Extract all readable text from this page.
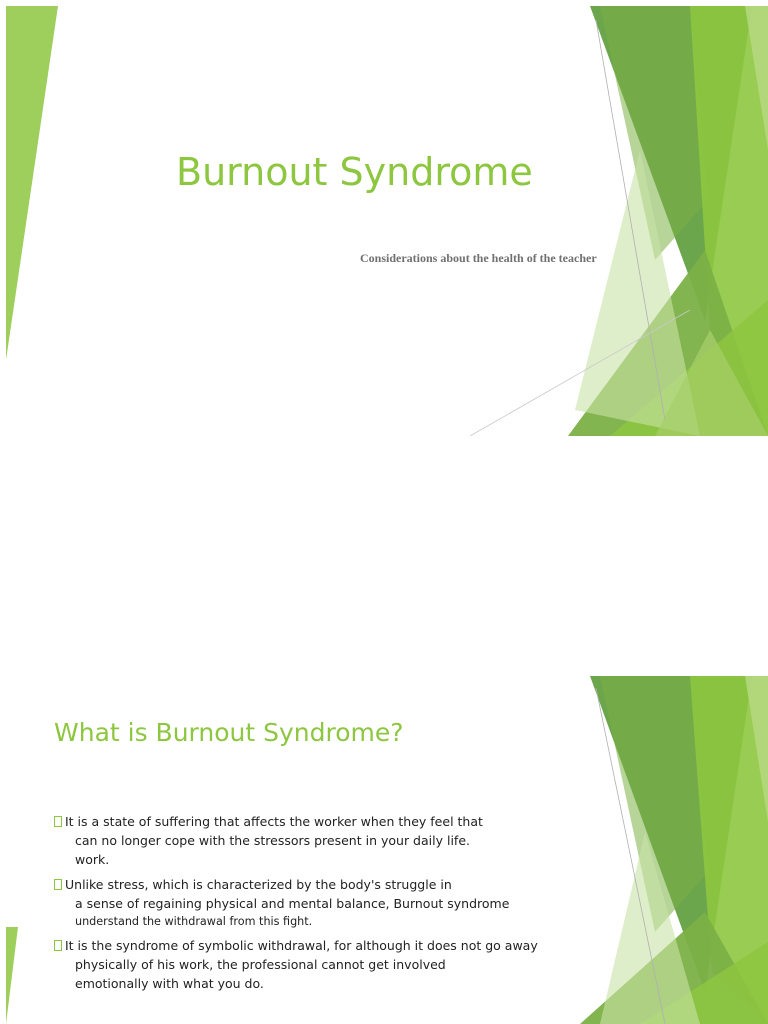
Burnout Syndrome
Considerations about the health of the teacher
What is Burnout Syndrome?
It is a state of suffering that affects the worker when they feel that
can no longer cope with the stressors present in your daily life.
work.
Unlike stress, which is characterized by the body's struggle in
a sense of regaining physical and mental balance, Burnout syndrome
understand the withdrawal from this fight.
It is the syndrome of symbolic withdrawal, for although it does not go away
physically of his work, the professional cannot get involved
emotionally with what you do.
